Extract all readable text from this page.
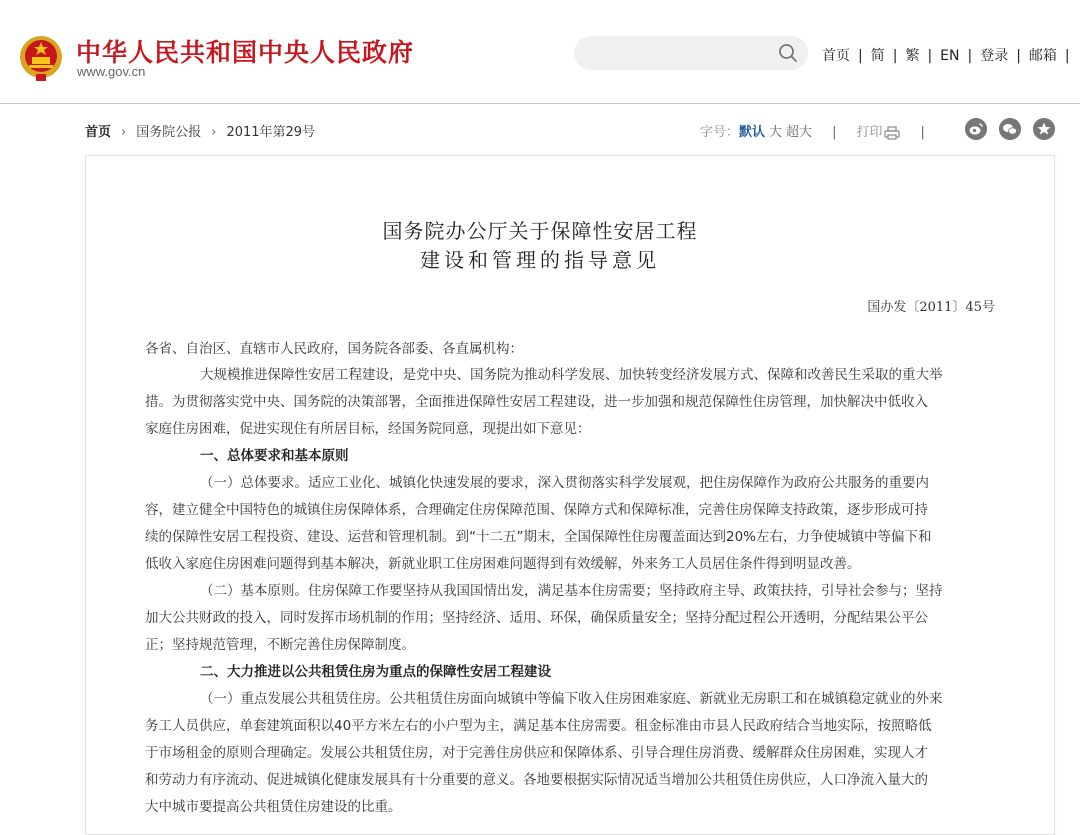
中华人民共和国中央人民政府
www.gov.cn
首页 | 简 | 繁 | EN | 登录 | 邮箱 |
首页 › 国务院公报 › 2011年第29号	字号：默认 大 超大 | 打印	|
国务院办公厅关于保障性安居工程
建设和管理的指导意见
国办发〔2011〕45号
各省、自治区、直辖市人民政府，国务院各部委、各直属机构：
大规模推进保障性安居工程建设，是党中央、国务院为推动科学发展、加快转变经济发展方式、保障和改善民生采取的重大举
措。为贯彻落实党中央、国务院的决策部署，全面推进保障性安居工程建设，进一步加强和规范保障性住房管理，加快解决中低收入
家庭住房困难，促进实现住有所居目标，经国务院同意，现提出如下意见：
一、总体要求和基本原则
（一）总体要求。适应工业化、城镇化快速发展的要求，深入贯彻落实科学发展观，把住房保障作为政府公共服务的重要内
容，建立健全中国特色的城镇住房保障体系，合理确定住房保障范围、保障方式和保障标准，完善住房保障支持政策，逐步形成可持
续的保障性安居工程投资、建设、运营和管理机制。到“十二五”期末，全国保障性住房覆盖面达到20%左右，力争使城镇中等偏下和
低收入家庭住房困难问题得到基本解决，新就业职工住房困难问题得到有效缓解，外来务工人员居住条件得到明显改善。
（二）基本原则。住房保障工作要坚持从我国国情出发，满足基本住房需要；坚持政府主导、政策扶持，引导社会参与；坚持
加大公共财政的投入，同时发挥市场机制的作用；坚持经济、适用、环保，确保质量安全；坚持分配过程公开透明，分配结果公平公
正；坚持规范管理，不断完善住房保障制度。
二、大力推进以公共租赁住房为重点的保障性安居工程建设
（一）重点发展公共租赁住房。公共租赁住房面向城镇中等偏下收入住房困难家庭、新就业无房职工和在城镇稳定就业的外来
务工人员供应，单套建筑面积以40平方米左右的小户型为主，满足基本住房需要。租金标准由市县人民政府结合当地实际，按照略低
于市场租金的原则合理确定。发展公共租赁住房，对于完善住房供应和保障体系、引导合理住房消费、缓解群众住房困难，实现人才
和劳动力有序流动、促进城镇化健康发展具有十分重要的意义。各地要根据实际情况适当增加公共租赁住房供应，人口净流入量大的
大中城市要提高公共租赁住房建设的比重。
